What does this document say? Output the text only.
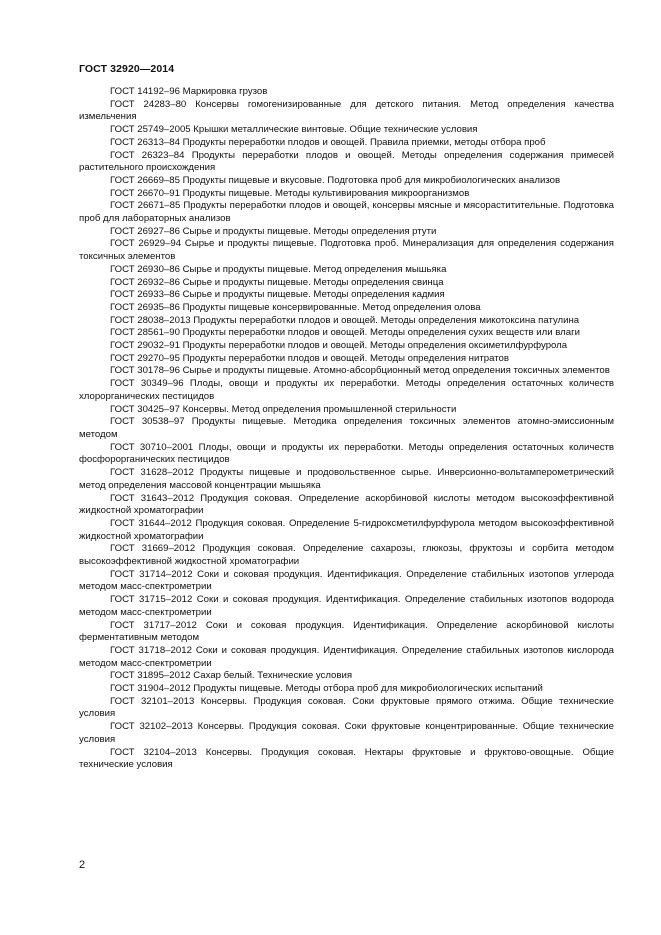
ГОСТ 32920—2014

ГОСТ 14192–96 Маркировка грузов

ГОСТ 24283–80 Консервы гомогенизированные для детского питания. Метод определения качества измельчения

ГОСТ 25749–2005 Крышки металлические винтовые. Общие технические условия

ГОСТ 26313–84 Продукты переработки плодов и овощей. Правила приемки, методы отбора проб

ГОСТ 26323–84 Продукты переработки плодов и овощей. Методы определения содержания примесей растительного происхождения

ГОСТ 26669–85 Продукты пищевые и вкусовые. Подготовка проб для микробиологических анализов

ГОСТ 26670–91 Продукты пищевые. Методы культивирования микроорганизмов

ГОСТ 26671–85 Продукты переработки плодов и овощей, консервы мясные и мясораститительные. Подготовка проб для лабораторных анализов

ГОСТ 26927–86 Сырье и продукты пищевые. Методы определения ртути

ГОСТ 26929–94 Сырье и продукты пищевые. Подготовка проб. Минерализация для определения содержания токсичных элементов

ГОСТ 26930–86 Сырье и продукты пищевые. Метод определения мышьяка

ГОСТ 26932–86 Сырье и продукты пищевые. Методы определения свинца

ГОСТ 26933–86 Сырье и продукты пищевые. Методы определения кадмия

ГОСТ 26935–86 Продукты пищевые консервированные. Метод определения олова

ГОСТ 28038–2013 Продукты переработки плодов и овощей. Методы определения микотоксина патулина

ГОСТ 28561–90 Продукты переработки плодов и овощей. Методы определения сухих веществ или влаги

ГОСТ 29032–91 Продукты переработки плодов и овощей. Методы определения оксиметилфурфурола

ГОСТ 29270–95 Продукты переработки плодов и овощей. Методы определения нитратов

ГОСТ 30178–96 Сырье и продукты пищевые. Атомно-абсорбционный метод определения токсичных элементов

ГОСТ 30349–96 Плоды, овощи и продукты их переработки. Методы определения остаточных количеств хлорорганических пестицидов

ГОСТ 30425–97 Консервы. Метод определения промышленной стерильности

ГОСТ 30538–97 Продукты пищевые. Методика определения токсичных элементов атомно-эмиссионным методом

ГОСТ 30710–2001 Плоды, овощи и продукты их переработки. Методы определения остаточных количеств фосфорорганических пестицидов

ГОСТ 31628–2012 Продукты пищевые и продовольственное сырье. Инверсионно-вольтамперометрический метод определения массовой концентрации мышьяка

ГОСТ 31643–2012 Продукция соковая. Определение аскорбиновой кислоты методом высокоэффективной жидкостной хроматографии

ГОСТ 31644–2012 Продукция соковая. Определение 5-гидроксметилфурфурола методом высокоэффективной жидкостной хроматографии

ГОСТ 31669–2012 Продукция соковая. Определение сахарозы, глюкозы, фруктозы и сорбита методом высокоэффективной жидкостной хроматографии

ГОСТ 31714–2012 Соки и соковая продукция. Идентификация. Определение стабильных изотопов углерода методом масс-спектрометрии

ГОСТ 31715–2012 Соки и соковая продукция. Идентификация. Определение стабильных изотопов водорода методом масс-спектрометрии

ГОСТ 31717–2012 Соки и соковая продукция. Идентификация. Определение аскорбиновой кислоты ферментативным методом

ГОСТ 31718–2012 Соки и соковая продукция. Идентификация. Определение стабильных изотопов кислорода методом масс-спектрометрии

ГОСТ 31895–2012 Сахар белый. Технические условия

ГОСТ 31904–2012 Продукты пищевые. Методы отбора проб для микробиологических испытаний

ГОСТ 32101–2013 Консервы. Продукция соковая. Соки фруктовые прямого отжима. Общие технические условия

ГОСТ 32102–2013 Консервы. Продукция соковая. Соки фруктовые концентрированные. Общие технические условия

ГОСТ 32104–2013 Консервы. Продукция соковая. Нектары фруктовые и фруктово-овощные. Общие технические условия

2
